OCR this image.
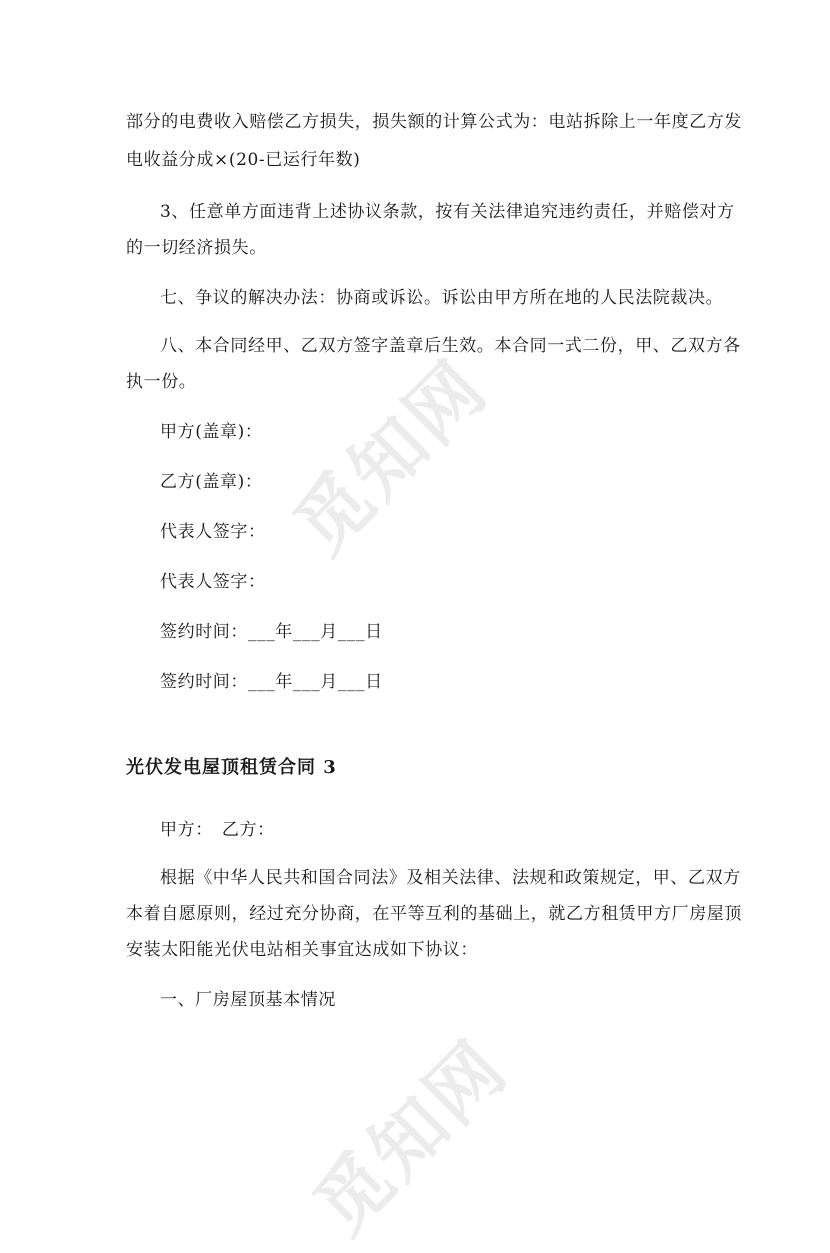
觅知网
觅知网
部分的电费收入赔偿乙方损失，损失额的计算公式为：电站拆除上一年度乙方发
电收益分成×(20-已运行年数)
3、任意单方面违背上述协议条款，按有关法律追究违约责任，并赔偿对方
的一切经济损失。
七、争议的解决办法：协商或诉讼。诉讼由甲方所在地的人民法院裁决。
八、本合同经甲、乙双方签字盖章后生效。本合同一式二份，甲、乙双方各
执一份。
甲方(盖章)：
乙方(盖章)：
代表人签字：
代表人签字：
签约时间：___年___月___日
签约时间：___年___月___日
光伏发电屋顶租赁合同 3
甲方：　乙方：
根据《中华人民共和国合同法》及相关法律、法规和政策规定，甲、乙双方
本着自愿原则，经过充分协商，在平等互利的基础上，就乙方租赁甲方厂房屋顶
安装太阳能光伏电站相关事宜达成如下协议：
一、厂房屋顶基本情况
